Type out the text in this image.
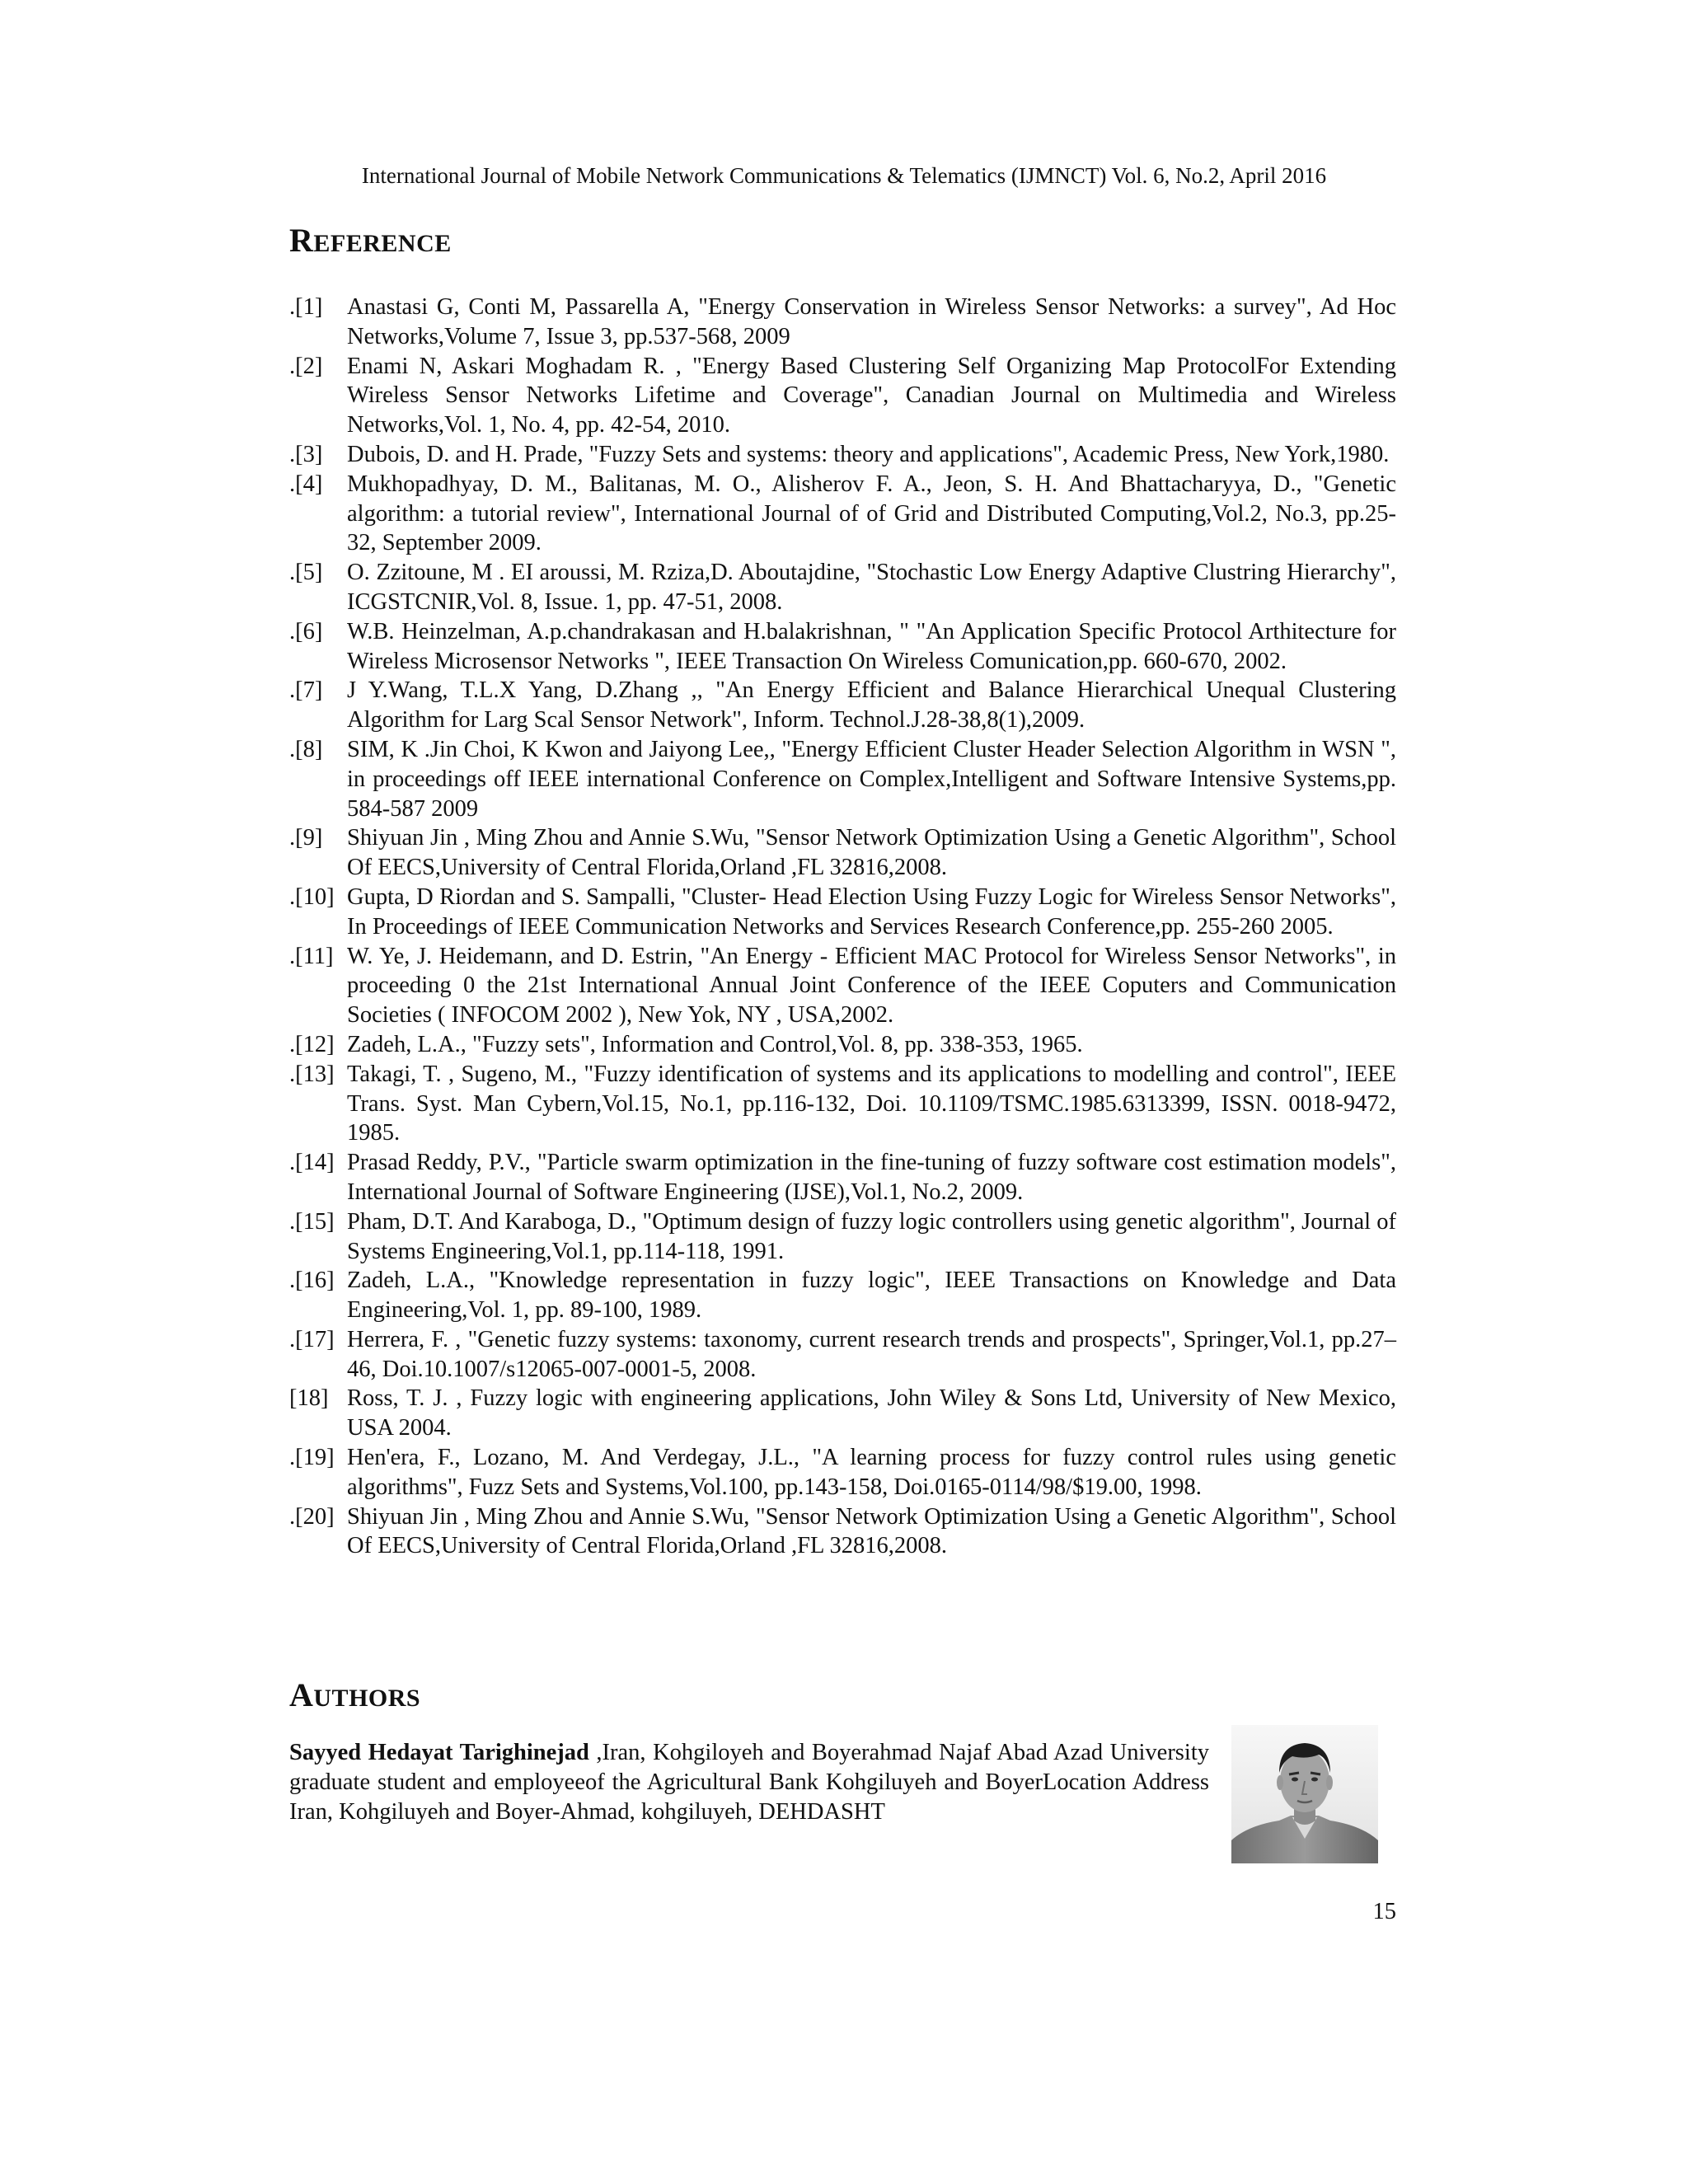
International Journal of Mobile Network Communications & Telematics (IJMNCT) Vol. 6, No.2, April 2016
REFERENCE
.[1] Anastasi G, Conti M, Passarella A, "Energy Conservation in Wireless Sensor Networks: a survey", Ad Hoc Networks,Volume 7, Issue 3, pp.537-568, 2009
.[2] Enami N, Askari Moghadam R. , "Energy Based Clustering Self Organizing Map ProtocolFor Extending Wireless Sensor Networks Lifetime and Coverage", Canadian Journal on Multimedia and Wireless Networks,Vol. 1, No. 4, pp. 42-54, 2010.
.[3] Dubois, D. and H. Prade, "Fuzzy Sets and systems: theory and applications", Academic Press, New York,1980.
.[4] Mukhopadhyay, D. M., Balitanas, M. O., Alisherov F. A., Jeon, S. H. And Bhattacharyya, D., "Genetic algorithm: a tutorial review", International Journal of of Grid and Distributed Computing,Vol.2, No.3, pp.25-32, September 2009.
.[5] O. Zzitoune, M . EI aroussi, M. Rziza,D. Aboutajdine, "Stochastic Low Energy Adaptive Clustring Hierarchy", ICGSTCNIR,Vol. 8, Issue. 1, pp. 47-51, 2008.
.[6] W.B. Heinzelman, A.p.chandrakasan and H.balakrishnan, " "An Application Specific Protocol Arthitecture for Wireless Microsensor Networks ", IEEE Transaction On Wireless Comunication,pp. 660-670, 2002.
.[7] J Y.Wang, T.L.X Yang, D.Zhang ,, "An Energy Efficient and Balance Hierarchical Unequal Clustering Algorithm for Larg Scal Sensor Network", Inform. Technol.J.28-38,8(1),2009.
.[8] SIM, K .Jin Choi, K Kwon and Jaiyong Lee,, "Energy Efficient Cluster Header Selection Algorithm in WSN ", in proceedings off IEEE international Conference on Complex,Intelligent and Software Intensive Systems,pp. 584-587 2009
.[9] Shiyuan Jin , Ming Zhou and Annie S.Wu, "Sensor Network Optimization Using a Genetic Algorithm", School Of EECS,University of Central Florida,Orland ,FL 32816,2008.
.[10] Gupta, D Riordan and S. Sampalli, "Cluster- Head Election Using Fuzzy Logic for Wireless Sensor Networks", In Proceedings of IEEE Communication Networks and Services Research Conference,pp. 255-260 2005.
.[11] W. Ye, J. Heidemann, and D. Estrin, "An Energy - Efficient MAC Protocol for Wireless Sensor Networks", in proceeding 0 the 21st International Annual Joint Conference of the IEEE Coputers and Communication Societies ( INFOCOM 2002 ), New Yok, NY , USA,2002.
.[12] Zadeh, L.A., "Fuzzy sets", Information and Control,Vol. 8, pp. 338-353, 1965.
.[13] Takagi, T. , Sugeno, M., "Fuzzy identification of systems and its applications to modelling and control", IEEE Trans. Syst. Man Cybern,Vol.15, No.1, pp.116-132, Doi. 10.1109/TSMC.1985.6313399, ISSN. 0018-9472, 1985.
.[14] Prasad Reddy, P.V., "Particle swarm optimization in the fine-tuning of fuzzy software cost estimation models", International Journal of Software Engineering (IJSE),Vol.1, No.2, 2009.
.[15] Pham, D.T. And Karaboga, D., "Optimum design of fuzzy logic controllers using genetic algorithm", Journal of Systems Engineering,Vol.1, pp.114-118, 1991.
.[16] Zadeh, L.A., "Knowledge representation in fuzzy logic", IEEE Transactions on Knowledge and Data Engineering,Vol. 1, pp. 89-100, 1989.
.[17] Herrera, F. , "Genetic fuzzy systems: taxonomy, current research trends and prospects", Springer,Vol.1, pp.27–46, Doi.10.1007/s12065-007-0001-5, 2008.
[18] Ross, T. J. , Fuzzy logic with engineering applications, John Wiley & Sons Ltd, University of New Mexico, USA 2004.
.[19] Hen'era, F., Lozano, M. And Verdegay, J.L., "A learning process for fuzzy control rules using genetic algorithms", Fuzz Sets and Systems,Vol.100, pp.143-158, Doi.0165-0114/98/$19.00, 1998.
.[20] Shiyuan Jin , Ming Zhou and Annie S.Wu, "Sensor Network Optimization Using a Genetic Algorithm", School Of EECS,University of Central Florida,Orland ,FL 32816,2008.
AUTHORS
Sayyed Hedayat Tarighinejad ,Iran, Kohgiloyeh and Boyerahmad Najaf Abad Azad University graduate student and employeeof the Agricultural Bank Kohgiluyeh and BoyerLocation Address Iran, Kohgiluyeh and Boyer-Ahmad, kohgiluyeh, DEHDASHT
15
